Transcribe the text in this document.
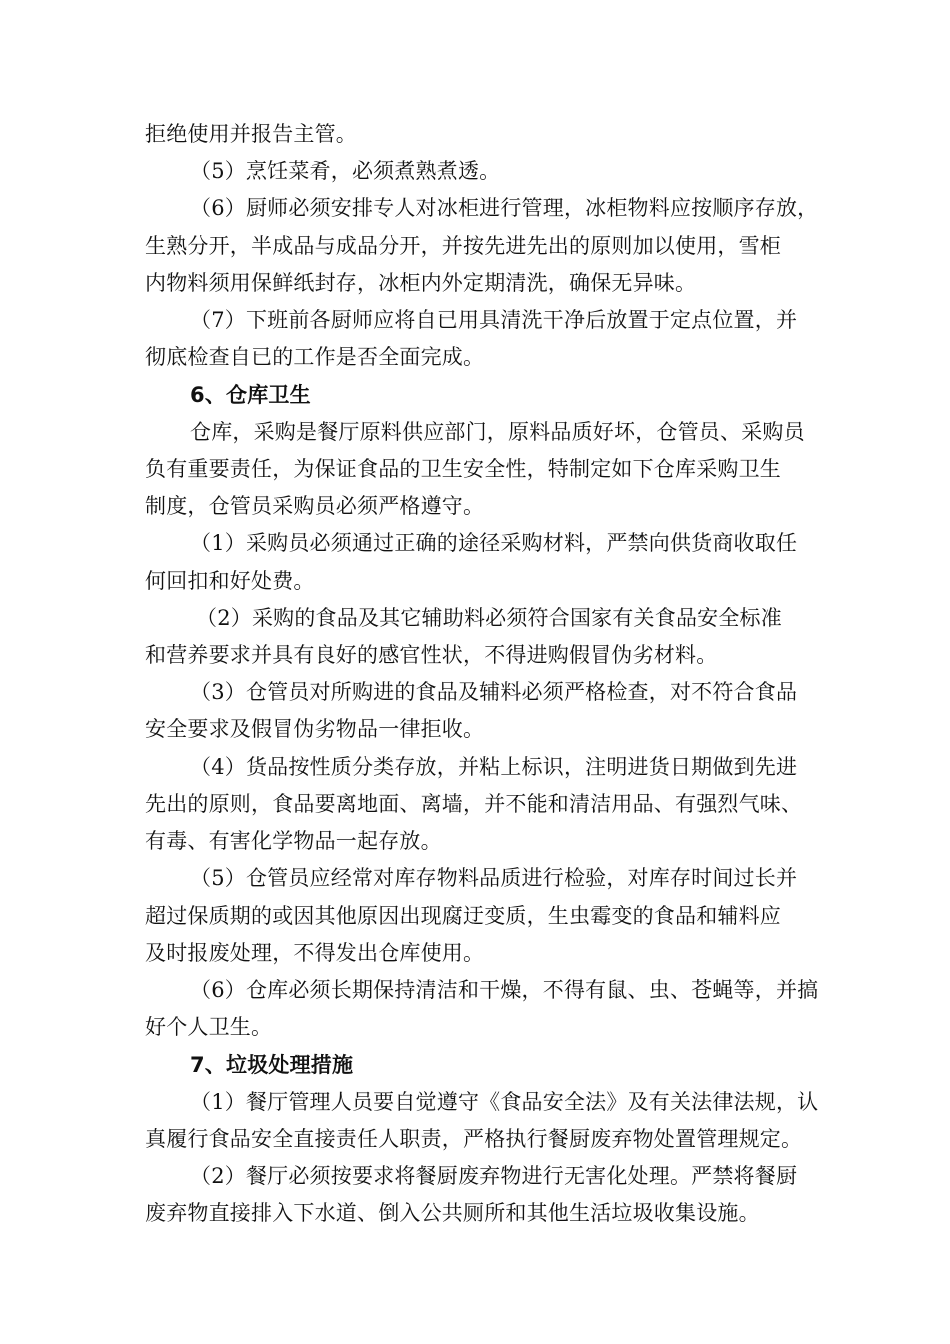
拒绝使用并报告主管。
（5）烹饪菜肴，必须煮熟煮透。
（6）厨师必须安排专人对冰柜进行管理，冰柜物料应按顺序存放，
生熟分开，半成品与成品分开，并按先进先出的原则加以使用，雪柜
内物料须用保鲜纸封存，冰柜内外定期清洗，确保无异味。
（7）下班前各厨师应将自已用具清洗干净后放置于定点位置，并
彻底检查自已的工作是否全面完成。
6、仓库卫生
仓库，采购是餐厅原料供应部门，原料品质好坏，仓管员、采购员
负有重要责任，为保证食品的卫生安全性，特制定如下仓库采购卫生
制度，仓管员采购员必须严格遵守。
（1）采购员必须通过正确的途径采购材料，严禁向供货商收取任
何回扣和好处费。
（2）采购的食品及其它辅助料必须符合国家有关食品安全标准
和营养要求并具有良好的感官性状，不得进购假冒伪劣材料。
（3）仓管员对所购进的食品及辅料必须严格检查，对不符合食品
安全要求及假冒伪劣物品一律拒收。
（4）货品按性质分类存放，并粘上标识，注明进货日期做到先进
先出的原则，食品要离地面、离墙，并不能和清洁用品、有强烈气味、
有毒、有害化学物品一起存放。
（5）仓管员应经常对库存物料品质进行检验，对库存时间过长并
超过保质期的或因其他原因出现腐迂变质，生虫霉变的食品和辅料应
及时报废处理，不得发出仓库使用。
（6）仓库必须长期保持清洁和干燥，不得有鼠、虫、苍蝇等，并搞
好个人卫生。
7、垃圾处理措施
（1）餐厅管理人员要自觉遵守《食品安全法》及有关法律法规，认
真履行食品安全直接责任人职责，严格执行餐厨废弃物处置管理规定。
（2）餐厅必须按要求将餐厨废弃物进行无害化处理。严禁将餐厨
废弃物直接排入下水道、倒入公共厕所和其他生活垃圾收集设施。
